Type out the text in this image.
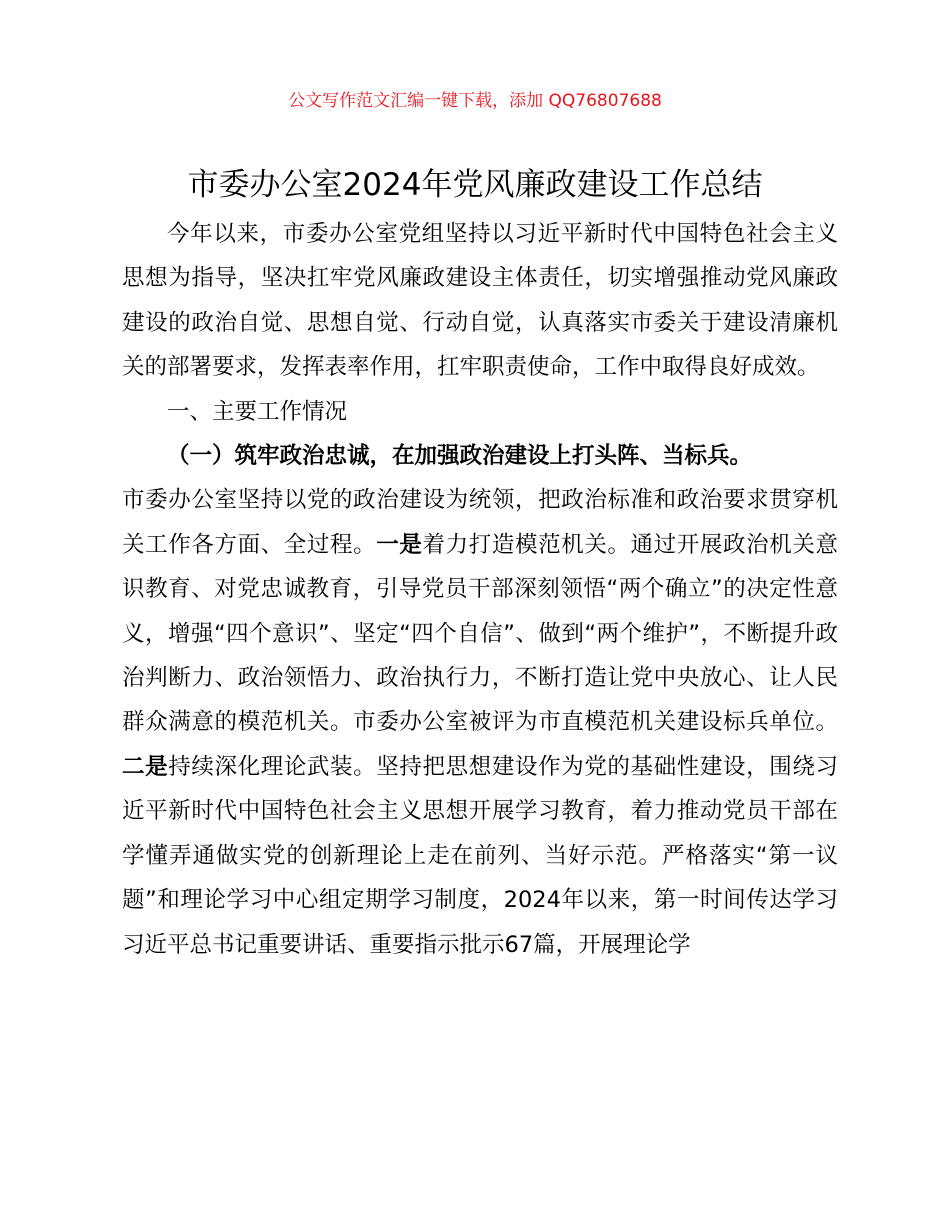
公文写作范文汇编一键下载，添加 QQ76807688
市委办公室2024年党风廉政建设工作总结

今年以来，市委办公室党组坚持以习近平新时代中国特色社会主义思想为指导，坚决扛牢党风廉政建设主体责任，切实增强推动党风廉政建设的政治自觉、思想自觉、行动自觉，认真落实市委关于建设清廉机关的部署要求，发挥表率作用，扛牢职责使命，工作中取得良好成效。

一、主要工作情况

（一）筑牢政治忠诚，在加强政治建设上打头阵、当标兵。

市委办公室坚持以党的政治建设为统领，把政治标准和政治要求贯穿机关工作各方面、全过程。一是着力打造模范机关。通过开展政治机关意识教育、对党忠诚教育，引导党员干部深刻领悟“两个确立”的决定性意义，增强“四个意识”、坚定“四个自信”、做到“两个维护”，不断提升政治判断力、政治领悟力、政治执行力，不断打造让党中央放心、让人民群众满意的模范机关。市委办公室被评为市直模范机关建设标兵单位。二是持续深化理论武装。坚持把思想建设作为党的基础性建设，围绕习近平新时代中国特色社会主义思想开展学习教育，着力推动党员干部在学懂弄通做实党的创新理论上走在前列、当好示范。严格落实“第一议题”和理论学习中心组定期学习制度，2024年以来，第一时间传达学习习近平总书记重要讲话、重要指示批示67篇，开展理论学
